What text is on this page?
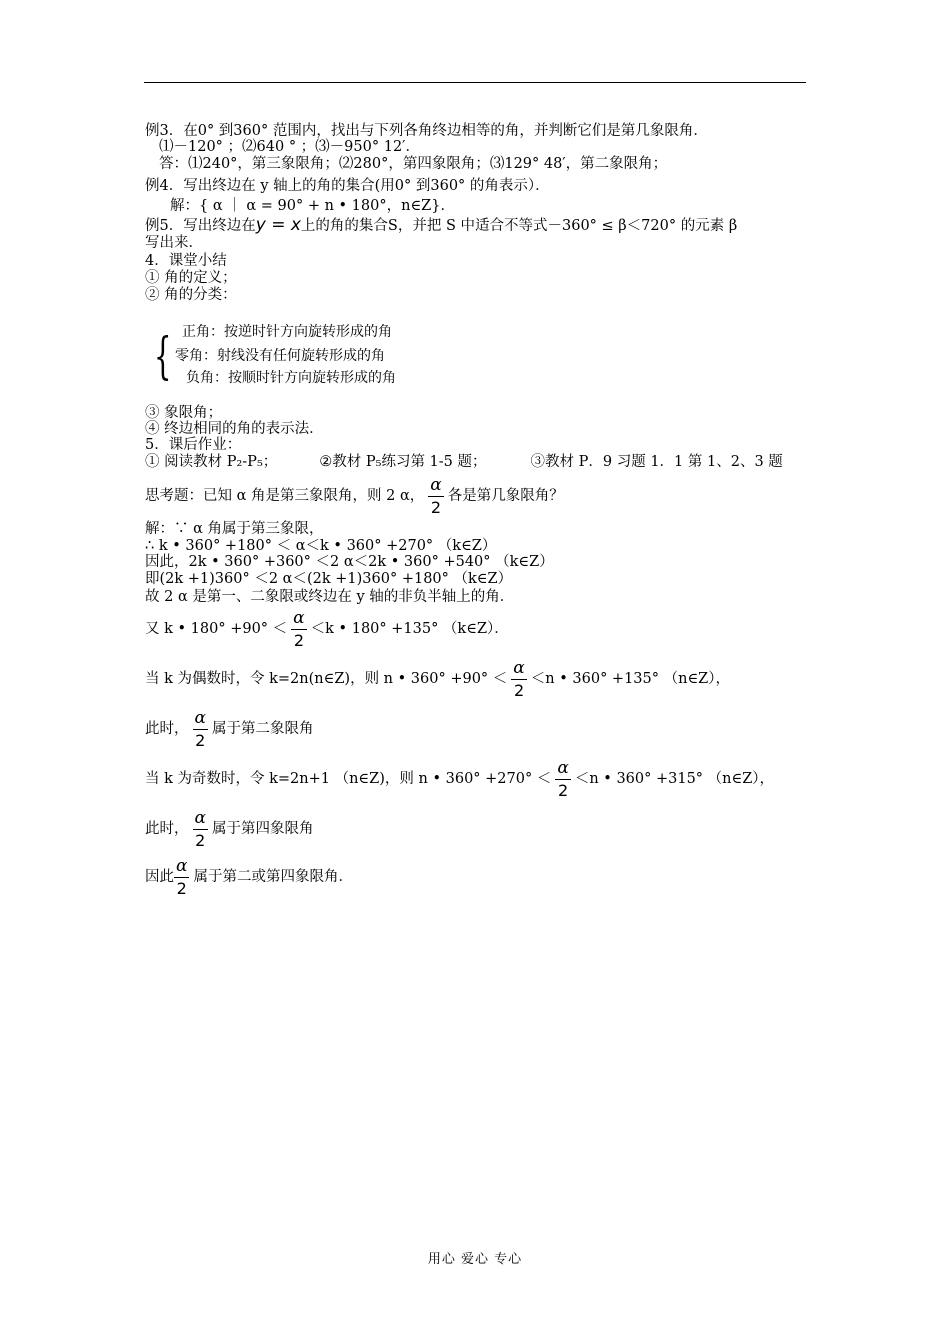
例3．在0° 到360° 范围内，找出与下列各角终边相等的角，并判断它们是第几象限角．
⑴－120° ；⑵640 ° ；⑶－950° 12′．
答：⑴240°，第三象限角；⑵280°，第四象限角；⑶129° 48′，第二象限角；
例4．写出终边在 y 轴上的角的集合(用0° 到360° 的角表示）．
解：{ α ｜ α = 90° + n • 180°，n∈Z}．
例5．写出终边在y = x上的角的集合S，并把 S 中适合不等式－360° ≤ β＜720° 的元素 β
写出来．
4．课堂小结
① 角的定义；
② 角的分类：
{ 正角：按逆时针方向旋转形成的角
零角：射线没有任何旋转形成的角
负角：按顺时针方向旋转形成的角
③ 象限角；
④ 终边相同的角的表示法．
5．课后作业：
① 阅读教材 P₂-P₅；	②教材 P₅练习第 1-5 题；	③教材 P．9 习题 1．1 第 1、2、3 题
思考题：已知 α 角是第三象限角，则 2 α， $\frac{\alpha}{2}$ 各是第几象限角？
解：∵ α 角属于第三象限，
∴ k • 360° +180° ＜ α＜k • 360° +270° （k∈Z）
因此，2k • 360° +360° ＜2 α＜2k • 360° +540° （k∈Z）
即(2k +1)360° ＜2 α＜(2k +1)360° +180° （k∈Z）
故 2 α 是第一、二象限或终边在 y 轴的非负半轴上的角．
又 k • $180^\circ +90^\circ < \frac{\alpha}{2} <k$ • 180° +135° （k∈Z）．
当 k 为偶数时，令 k=2n(n∈Z)，则 n • $360^\circ +90^\circ < \frac{\alpha}{2} <n$ • 360° +135° （n∈Z），
此时， $\frac{\alpha}{2}$ 属于第二象限角
当 k 为奇数时，令 k=2n+1 （n∈Z)，则 n • $360^\circ +270^\circ < \frac{\alpha}{2} <n$ • 360° +315° （n∈Z），
此时， $\frac{\alpha}{2}$ 属于第四象限角
因此 $\frac{\alpha}{2}$ 属于第二或第四象限角．
用心 爱心 专心
